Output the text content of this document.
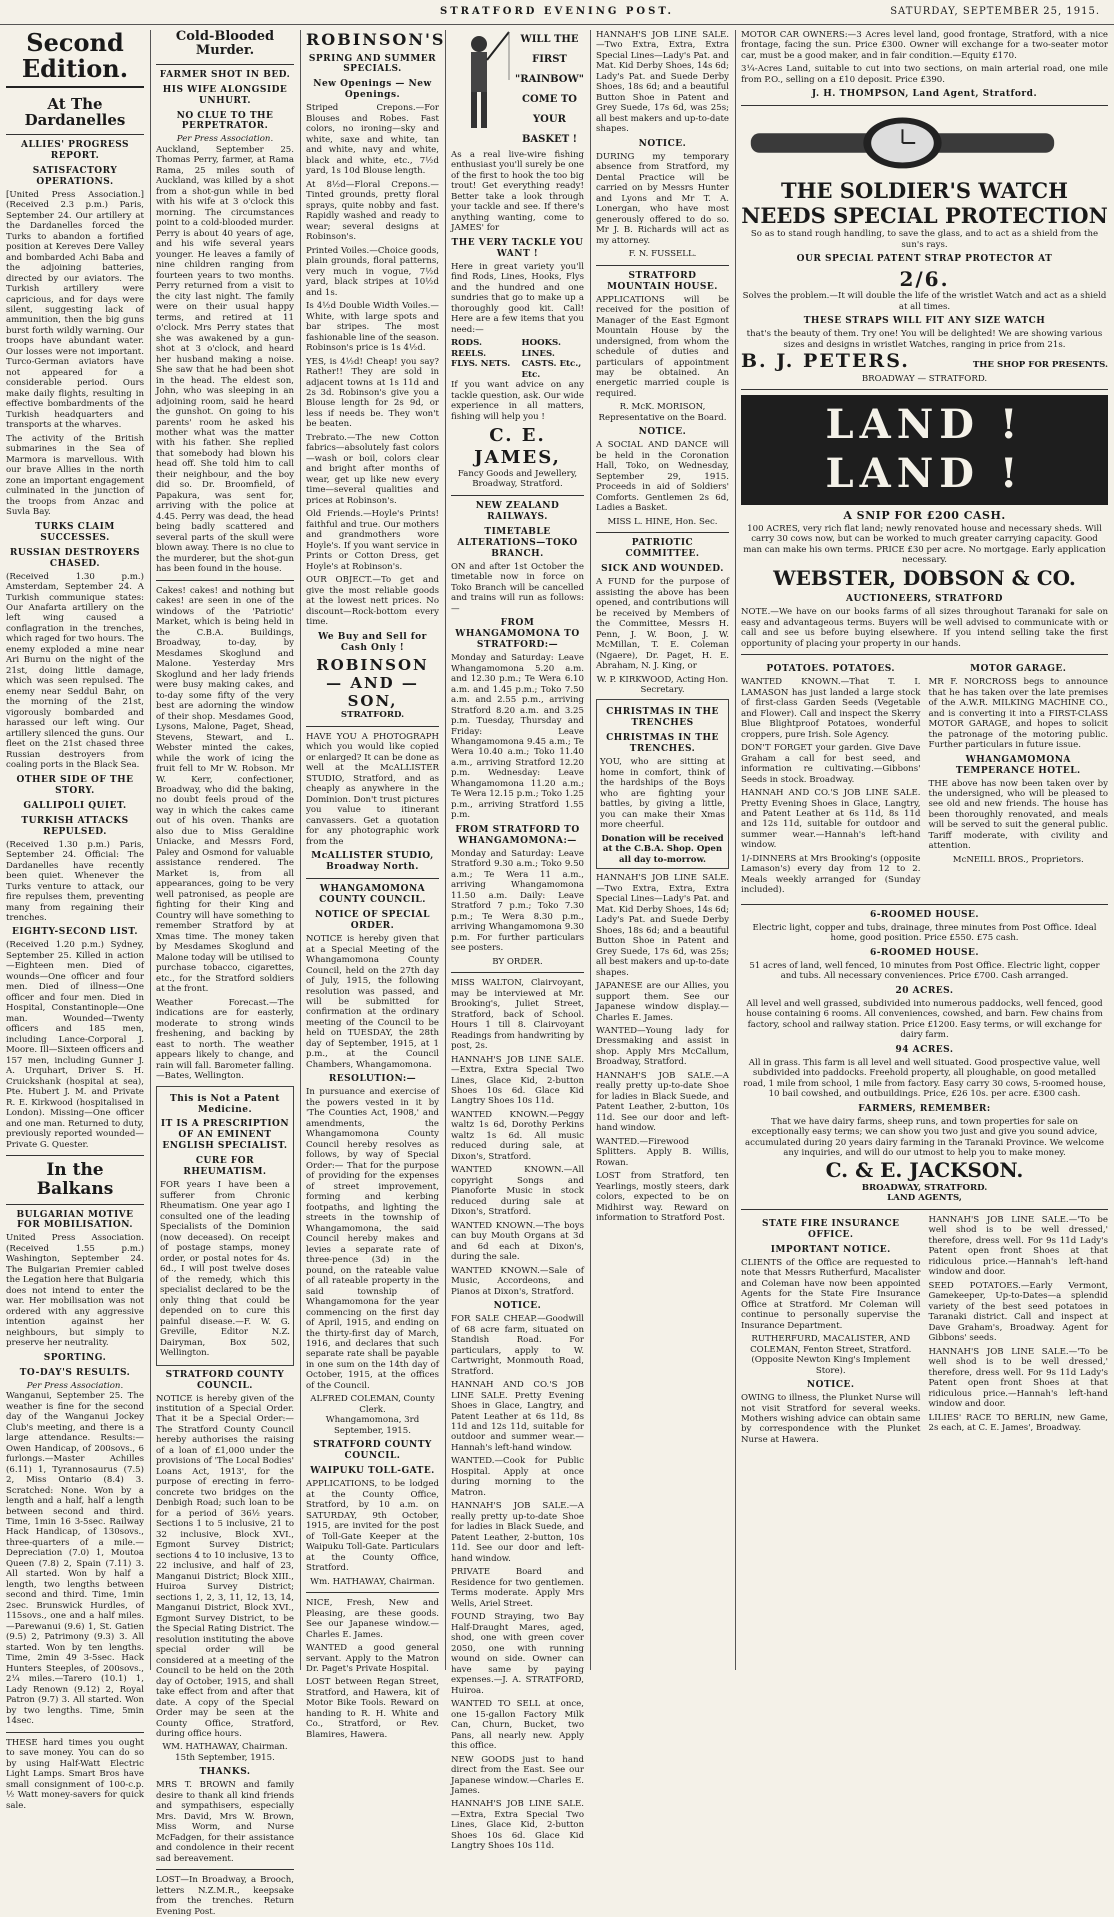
STRATFORD EVENING POST.	SATURDAY, SEPTEMBER 25, 1915.
Second Edition.
At The Dardanelles
ALLIES' PROGRESS REPORT.
SATISFACTORY OPERATIONS.
[United Press Association.] (Received 2.3 p.m.) Paris, September 24. Our artillery at the Dardanelles forced the Turks to abandon a fortified position at Kereves Dere Valley and bombarded Achi Baba and the adjoining batteries, directed by our aviators. The Turkish artillery were capricious, and for days were silent, suggesting lack of ammunition, then the big guns burst forth wildly warning. Our troops have abundant water. Our losses were not important. Turco-German aviators have not appeared for a considerable period. Ours make daily flights, resulting in effective bombardments of the Turkish headquarters and transports at the wharves.
The activity of the British submarines in the Sea of Marmora is marvellous. With our brave Allies in the north zone an important engagement culminated in the junction of the troops from Anzac and Suvla Bay.
TURKS CLAIM SUCCESSES.
RUSSIAN DESTROYERS CHASED.
(Received 1.30 p.m.) Amsterdam, September 24. A Turkish communique states: Our Anafarta artillery on the left wing caused a conflagration in the trenches, which raged for two hours. The enemy exploded a mine near Ari Burnu on the night of the 21st, doing little damage, which was seen repulsed. The enemy near Seddul Bahr, on the morning of the 21st, vigorously bombarded and harassed our left wing. Our artillery silenced the guns. Our fleet on the 21st chased three Russian destroyers from coaling ports in the Black Sea.
OTHER SIDE OF THE STORY.
GALLIPOLI QUIET.
TURKISH ATTACKS REPULSED.
(Received 1.30 p.m.) Paris, September 24. Official: The Dardanelles have recently been quiet. Whenever the Turks venture to attack, our fire repulses them, preventing many from regaining their trenches.
EIGHTY-SECOND LIST.
(Received 1.20 p.m.) Sydney, September 25. Killed in action—Eighteen men. Died of wounds—One officer and four men. Died of illness—One officer and four men. Died in Hospital, Constantinople—One man. Wounded—Twenty officers and 185 men, including Lance-Corporal J. Moore. Ill—Sixteen officers and 157 men, including Gunner J. A. Urquhart, Driver S. H. Cruickshank (hospital at sea), Pte. Hubert J. M. and Private R. E. Kirkwood (hospitalised in London). Missing—One officer and one man. Returned to duty, previously reported wounded—Private G. Quester.
In the Balkans
BULGARIAN MOTIVE FOR MOBILISATION.
United Press Association. (Received 1.55 p.m.) Washington, September 24. The Bulgarian Premier cabled the Legation here that Bulgaria does not intend to enter the war. Her mobilisation was not ordered with any aggressive intention against her neighbours, but simply to preserve her neutrality.
SPORTING.
TO-DAY'S RESULTS.
Per Press Association.
Wanganui, September 25. The weather is fine for the second day of the Wanganui Jockey Club's meeting, and there is a large attendance. Results:— Owen Handicap, of 200sovs., 6 furlongs.—Master Achilles (6.11) 1, Tyrannosaurus (7.5) 2, Miss Ontario (8.4) 3. Scratched: None. Won by a length and a half, half a length between second and third. Time, 1min 16 3-5sec. Railway Hack Handicap, of 130sovs., three-quarters of a mile.—Depreciation (7.0) 1, Moutoa Queen (7.8) 2, Spain (7.11) 3. All started. Won by half a length, two lengths between second and third. Time, 1min 2sec. Brunswick Hurdles, of 115sovs., one and a half miles.—Parewanui (9.6) 1, St. Gatien (9.5) 2, Patrimony (9.3) 3. All started. Won by ten lengths. Time, 2min 49 3-5sec. Hack Hunters Steeples, of 200sovs., 2¼ miles.—Tarero (10.1) 1, Lady Renown (9.12) 2, Royal Patron (9.7) 3. All started. Won by two lengths. Time, 5min 14sec.
THESE hard times you ought to save money. You can do so by using Half-Watt Electric Light Lamps. Smart Bros have small consignment of 100-c.p. ½ Watt money-savers for quick sale.
Cold-Blooded Murder.
FARMER SHOT IN BED.
HIS WIFE ALONGSIDE UNHURT.
NO CLUE TO THE PERPETRATOR.
Per Press Association.
Auckland, September 25. Thomas Perry, farmer, at Rama Rama, 25 miles south of Auckland, was killed by a shot from a shot-gun while in bed with his wife at 3 o'clock this morning. The circumstances point to a cold-blooded murder. Perry is about 40 years of age, and his wife several years younger. He leaves a family of nine children ranging from fourteen years to two months. Perry returned from a visit to the city last night. The family were on their usual happy terms, and retired at 11 o'clock. Mrs Perry states that she was awakened by a gun-shot at 3 o'clock, and heard her husband making a noise. She saw that he had been shot in the head. The eldest son, John, who was sleeping in an adjoining room, said he heard the gunshot. On going to his parents' room he asked his mother what was the matter with his father. She replied that somebody had blown his head off. She told him to call their neighbour, and the boy did so. Dr. Broomfield, of Papakura, was sent for, arriving with the police at 4.45. Perry was dead, the head being badly scattered and several parts of the skull were blown away. There is no clue to the murderer, but the shot-gun has been found in the house.
Cakes! cakes! and nothing but cakes! are seen in one of the windows of the 'Patriotic' Market, which is being held in the C.B.A. Buildings, Broadway, to-day, by Mesdames Skoglund and Malone. Yesterday Mrs Skoglund and her lady friends were busy making cakes, and to-day some fifty of the very best are adorning the window of their shop. Mesdames Good, Lysons, Malone, Paget, Shead, Stevens, Stewart, and L. Webster minted the cakes, while the work of icing the fruit fell to Mr W. Robson. Mr W. Kerr, confectioner, Broadway, who did the baking, no doubt feels proud of the way in which the cakes came out of his oven. Thanks are also due to Miss Geraldine Uniacke, and Messrs Ford, Paley and Osmond for valuable assistance rendered. The Market is, from all appearances, going to be very well patronised, as people are fighting for their King and Country will have something to remember Stratford by at Xmas time. The money taken by Mesdames Skoglund and Malone today will be utilised to purchase tobacco, cigarettes, etc., for the Stratford soldiers at the front.
Weather Forecast.—The indications are for easterly, moderate to strong winds freshening, and backing by east to north. The weather appears likely to change, and rain will fall. Barometer falling.—Bates, Wellington.
This is Not a Patent Medicine.
IT IS A PRESCRIPTION OF AN EMINENT ENGLISH SPECIALIST.
CURE FOR RHEUMATISM.
FOR years I have been a sufferer from Chronic Rheumatism. One year ago I consulted one of the leading Specialists of the Dominion (now deceased). On receipt of postage stamps, money order, or postal notes for 4s. 6d., I will post twelve doses of the remedy, which this specialist declared to be the only thing that could be depended on to cure this painful disease.—F. W. G. Greville, Editor N.Z. Dairyman, Box 502, Wellington.
STRATFORD COUNTY COUNCIL.
NOTICE is hereby given of the institution of a Special Order. That it be a Special Order:— The Stratford County Council hereby authorises the raising of a loan of £1,000 under the provisions of 'The Local Bodies' Loans Act, 1913', for the purpose of erecting in ferro-concrete two bridges on the Denbigh Road; such loan to be for a period of 36½ years. Sections 1 to 5 inclusive, 21 to 32 inclusive, Block XVI., Egmont Survey District; sections 4 to 10 inclusive, 13 to 22 inclusive, and half of 23, Manganui District; Block XIII., Huiroa Survey District; sections 1, 2, 3, 11, 12, 13, 14, Manganui District, Block XVI., Egmont Survey District, to be the Special Rating District. The resolution instituting the above special order will be considered at a meeting of the Council to be held on the 20th day of October, 1915, and shall take effect from and after that date. A copy of the Special Order may be seen at the County Office, Stratford, during office hours.
WM. HATHAWAY, Chairman.
15th September, 1915.
THANKS.
MRS T. BROWN and family desire to thank all kind friends and sympathisers, especially Mrs. David, Mrs W. Brown, Miss Worm, and Nurse McFadgen, for their assistance and condolence in their recent sad bereavement.
LOST—In Broadway, a Brooch, letters N.Z.M.R., keepsake from the trenches. Return Evening Post.
ROBINSON'S
SPRING AND SUMMER SPECIALS.
New Openings — New Openings.
Striped Crepons.—For Blouses and Robes. Fast colors, no ironing—sky and white, saxe and white, tan and white, navy and white, black and white, etc., 7½d yard, 1s 10d Blouse length.
At 8½d—Floral Crepons.—Tinted grounds, pretty floral sprays, quite nobby and fast. Rapidly washed and ready to wear; several designs at Robinson's.
Printed Voiles.—Choice goods, plain grounds, floral patterns, very much in vogue, 7½d yard, black stripes at 10½d and 1s.
Is 4½d Double Width Voiles.—White, with large spots and bar stripes. The most fashionable line of the season. Robinson's price is 1s 4½d.
YES, is 4½d! Cheap! you say? Rather!! They are sold in adjacent towns at 1s 11d and 2s 3d. Robinson's give you a Blouse length for 2s 9d, or less if needs be. They won't be beaten.
Trebrato.—The new Cotton fabrics—absolutely fast colors—wash or boil, colors clear and bright after months of wear, get up like new every time—several qualities and prices at Robinson's.
Old Friends.—Hoyle's Prints! faithful and true. Our mothers and grandmothers wore Hoyle's. If you want service in Prints or Cotton Dress, get Hoyle's at Robinson's.
OUR OBJECT.—To get and give the most reliable goods at the lowest nett prices. No discount—Rock-bottom every time.
We Buy and Sell for Cash Only !
ROBINSON — AND — SON,
STRATFORD.
HAVE YOU A PHOTOGRAPH which you would like copied or enlarged? It can be done as well at the McALLISTER STUDIO, Stratford, and as cheaply as anywhere in the Dominion. Don't trust pictures you value to itinerant canvassers. Get a quotation for any photographic work from the
McALLISTER STUDIO, Broadway North.
WHANGAMOMONA COUNTY COUNCIL.
NOTICE OF SPECIAL ORDER.
NOTICE is hereby given that at a Special Meeting of the Whangamomona County Council, held on the 27th day of July, 1915, the following resolution was passed, and will be submitted for confirmation at the ordinary meeting of the Council to be held on TUESDAY, the 28th day of September, 1915, at 1 p.m., at the Council Chambers, Whangamomona.
RESOLUTION:—
In pursuance and exercise of the powers vested in it by 'The Counties Act, 1908,' and amendments, the Whangamomona County Council hereby resolves as follows, by way of Special Order:— That for the purpose of providing for the expenses of street improvement, forming and kerbing footpaths, and lighting the streets in the township of Whangamomona, the said Council hereby makes and levies a separate rate of three-pence (3d) in the pound, on the rateable value of all rateable property in the said township of Whangamomona for the year commencing on the first day of April, 1915, and ending on the thirty-first day of March, 1916, and declares that such separate rate shall be payable in one sum on the 14th day of October, 1915, at the offices of the Council.
ALFRED COLEMAN, County Clerk.
Whangamomona, 3rd September, 1915.
STRATFORD COUNTY COUNCIL.
WAIPUKU TOLL-GATE.
APPLICATIONS, to be lodged at the County Office, Stratford, by 10 a.m. on SATURDAY, 9th October, 1915, are invited for the post of Toll-Gate Keeper at the Waipuku Toll-Gate. Particulars at the County Office, Stratford.
Wm. HATHAWAY, Chairman.
NICE, Fresh, New and Pleasing, are these goods. See our Japanese window.—Charles E. James.
WANTED a good general servant. Apply to the Matron Dr. Paget's Private Hospital.
LOST between Regan Street, Stratford, and Hawera, kit of Motor Bike Tools. Reward on handing to R. H. White and Co., Stratford, or Rev. Blamires, Hawera.
WILL THE FIRST "RAINBOW" COME TO YOUR BASKET !
As a real live-wire fishing enthusiast you'll surely be one of the first to hook the too big trout! Get everything ready! Better take a look through your tackle and see. If there's anything wanting, come to JAMES' for
THE VERY TACKLE YOU WANT !
Here in great variety you'll find Rods, Lines, Hooks, Flys and the hundred and one sundries that go to make up a thoroughly good kit. Call! Here are a few items that you need:—
RODS. REELS. FLYS. NETS.
HOOKS. LINES. CASTS. Etc., Etc.
If you want advice on any tackle question, ask. Our wide experience in all matters, fishing will help you !
C. E. JAMES,
Fancy Goods and Jewellery, Broadway, Stratford.
NEW ZEALAND RAILWAYS.
TIMETABLE ALTERATIONS—TOKO BRANCH.
ON and after 1st October the timetable now in force on Toko Branch will be cancelled and trains will run as follows:—
FROM WHANGAMOMONA TO STRATFORD:—
Monday and Saturday: Leave Whangamomona 5.20 a.m. and 12.30 p.m.; Te Wera 6.10 a.m. and 1.45 p.m.; Toko 7.50 a.m. and 2.55 p.m., arriving Stratford 8.20 a.m. and 3.25 p.m. Tuesday, Thursday and Friday: Leave Whangamomona 9.45 a.m.; Te Wera 10.40 a.m.; Toko 11.40 a.m., arriving Stratford 12.20 p.m. Wednesday: Leave Whangamomona 11.20 a.m.; Te Wera 12.15 p.m.; Toko 1.25 p.m., arriving Stratford 1.55 p.m.
FROM STRATFORD TO WHANGAMOMONA:—
Monday and Saturday: Leave Stratford 9.30 a.m.; Toko 9.50 a.m.; Te Wera 11 a.m., arriving Whangamomona 11.50 a.m. Daily: Leave Stratford 7 p.m.; Toko 7.30 p.m.; Te Wera 8.30 p.m., arriving Whangamomona 9.30 p.m. For further particulars see posters.
BY ORDER.
MISS WALTON, Clairvoyant, may be interviewed at Mr. Brooking's, Juliet Street, Stratford, back of School. Hours 1 till 8. Clairvoyant Readings from handwriting by post, 2s.
HANNAH'S JOB LINE SALE.—Extra, Extra Special Two Lines, Glace Kid, 2-button Shoes 10s 6d. Glace Kid Langtry Shoes 10s 11d.
WANTED KNOWN.—Peggy waltz 1s 6d, Dorothy Perkins waltz 1s 6d. All music reduced during sale, at Dixon's, Stratford.
WANTED KNOWN.—All copyright Songs and Pianoforte Music in stock reduced during sale at Dixon's, Stratford.
WANTED KNOWN.—The boys can buy Mouth Organs at 3d and 6d each at Dixon's, during the sale.
WANTED KNOWN.—Sale of Music, Accordeons, and Pianos at Dixon's, Stratford.
NOTICE.
FOR SALE CHEAP.—Goodwill of 68 acre farm, situated on Standish Road. For particulars, apply to W. Cartwright, Monmouth Road, Stratford.
HANNAH AND CO.'S JOB LINE SALE. Pretty Evening Shoes in Glace, Langtry, and Patent Leather at 6s 11d, 8s 11d and 12s 11d, suitable for outdoor and summer wear.—Hannah's left-hand window.
WANTED.—Cook for Public Hospital. Apply at once during morning to the Matron.
HANNAH'S JOB SALE.—A really pretty up-to-date Shoe for ladies in Black Suede, and Patent Leather, 2-button, 10s 11d. See our door and left-hand window.
PRIVATE Board and Residence for two gentlemen. Terms moderate. Apply Mrs Wells, Ariel Street.
FOUND Straying, two Bay Half-Draught Mares, aged, shod, one with green cover 2050, one with running wound on side. Owner can have same by paying expenses.—J. A. STRATFORD, Huiroa.
WANTED TO SELL at once, one 15-gallon Factory Milk Can, Churn, Bucket, two Pans, all nearly new. Apply this office.
NEW GOODS just to hand direct from the East. See our Japanese window.—Charles E. James.
HANNAH'S JOB LINE SALE.—Extra, Extra Special Two Lines, Glace Kid, 2-button Shoes 10s 6d. Glace Kid Langtry Shoes 10s 11d.
HANNAH'S JOB LINE SALE.—Two Extra, Extra, Extra Special Lines—Lady's Pat. and Mat. Kid Derby Shoes, 14s 6d; Lady's Pat. and Suede Derby Shoes, 18s 6d; and a beautiful Button Shoe in Patent and Grey Suede, 17s 6d, was 25s; all best makers and up-to-date shapes.
NOTICE.
DURING my temporary absence from Stratford, my Dental Practice will be carried on by Messrs Hunter and Lyons and Mr T. A. Lonergan, who have most generously offered to do so. Mr J. B. Richards will act as my attorney.
F. N. FUSSELL.
STRATFORD MOUNTAIN HOUSE.
APPLICATIONS will be received for the position of Manager of the East Egmont Mountain House by the undersigned, from whom the schedule of duties and particulars of appointment may be obtained. An energetic married couple is required.
R. McK. MORISON, Representative on the Board.
NOTICE.
A SOCIAL AND DANCE will be held in the Coronation Hall, Toko, on Wednesday, September 29, 1915. Proceeds in aid of Soldiers' Comforts. Gentlemen 2s 6d, Ladies a Basket.
MISS L. HINE, Hon. Sec.
PATRIOTIC COMMITTEE.
SICK AND WOUNDED.
A FUND for the purpose of assisting the above has been opened, and contributions will be received by Members of the Committee, Messrs H. Penn, J. W. Boon, J. W. McMillan, T. E. Coleman (Ngaere), Dr. Paget, H. E. Abraham, N. J. King, or
W. P. KIRKWOOD, Acting Hon. Secretary.
CHRISTMAS IN THE TRENCHES
CHRISTMAS IN THE TRENCHES.
YOU, who are sitting at home in comfort, think of the hardships of the Boys who are fighting your battles, by giving a little, you can make their Xmas more cheerful.
Donation will be received at the C.B.A. Shop. Open all day to-morrow.
HANNAH'S JOB LINE SALE.—Two Extra, Extra, Extra Special Lines—Lady's Pat. and Mat. Kid Derby Shoes, 14s 6d; Lady's Pat. and Suede Derby Shoes, 18s 6d; and a beautiful Button Shoe in Patent and Grey Suede, 17s 6d, was 25s; all best makers and up-to-date shapes.
JAPANESE are our Allies, you support them. See our Japanese window display.—Charles E. James.
WANTED—Young lady for Dressmaking and assist in shop. Apply Mrs McCallum, Broadway, Stratford.
HANNAH'S JOB SALE.—A really pretty up-to-date Shoe for ladies in Black Suede, and Patent Leather, 2-button, 10s 11d. See our door and left-hand window.
WANTED.—Firewood Splitters. Apply B. Willis, Rowan.
LOST from Stratford, ten Yearlings, mostly steers, dark colors, expected to be on Midhirst way. Reward on information to Stratford Post.
MOTOR CAR OWNERS:—3 Acres level land, good frontage, Stratford, with a nice frontage, facing the sun. Price £300. Owner will exchange for a two-seater motor car, must be a good maker, and in fair condition.—Equity £170.
3¼-Acres Land, suitable to cut into two sections, on main arterial road, one mile from P.O., selling on a £10 deposit. Price £390.
J. H. THOMPSON, Land Agent, Stratford.
THE SOLDIER'S WATCH NEEDS SPECIAL PROTECTION
So as to stand rough handling, to save the glass, and to act as a shield from the sun's rays.
OUR SPECIAL PATENT STRAP PROTECTOR AT
2/6.
Solves the problem.—It will double the life of the wristlet Watch and act as a shield at all times.
THESE STRAPS WILL FIT ANY SIZE WATCH
that's the beauty of them. Try one! You will be delighted! We are showing various sizes and designs in wristlet Watches, ranging in price from 21s.
B. J. PETERS.	THE SHOP FOR PRESENTS.
BROADWAY — STRATFORD.
LAND ! LAND !
A SNIP FOR £200 CASH.
100 ACRES, very rich flat land; newly renovated house and necessary sheds. Will carry 30 cows now, but can be worked to much greater carrying capacity. Good man can make his own terms. PRICE £30 per acre. No mortgage. Early application necessary.
WEBSTER, DOBSON & CO.
AUCTIONEERS, STRATFORD
NOTE.—We have on our books farms of all sizes throughout Taranaki for sale on easy and advantageous terms. Buyers will be well advised to communicate with or call and see us before buying elsewhere. If you intend selling take the first opportunity of placing your property in our hands.
POTATOES. POTATOES.
WANTED KNOWN.—That T. I. LAMASON has just landed a large stock of first-class Garden Seeds (Vegetable and Flower). Call and inspect the Skerry Blue Blightproof Potatoes, wonderful croppers, pure Irish. Sole Agency.
DON'T FORGET your garden. Give Dave Graham a call for best seed, and information re cultivating.—Gibbons' Seeds in stock. Broadway.
HANNAH AND CO.'S JOB LINE SALE. Pretty Evening Shoes in Glace, Langtry, and Patent Leather at 6s 11d, 8s 11d and 12s 11d, suitable for outdoor and summer wear.—Hannah's left-hand window.
1/-DINNERS at Mrs Brooking's (opposite Lamason's) every day from 12 to 2. Meals weekly arranged for (Sunday included).
MOTOR GARAGE.
MR F. NORCROSS begs to announce that he has taken over the late premises of the A.W.R. MILKING MACHINE CO., and is converting it into a FIRST-CLASS MOTOR GARAGE, and hopes to solicit the patronage of the motoring public. Further particulars in future issue.
WHANGAMOMONA TEMPERANCE HOTEL.
THE above has now been taken over by the undersigned, who will be pleased to see old and new friends. The house has been thoroughly renovated, and meals will be served to suit the general public. Tariff moderate, with civility and attention.
McNEILL BROS., Proprietors.
6-ROOMED HOUSE.
Electric light, copper and tubs, drainage, three minutes from Post Office. Ideal home, good position. Price £550. £75 cash.
6-ROOMED HOUSE.
51 acres of land, well fenced, 10 minutes from Post Office. Electric light, copper and tubs. All necessary conveniences. Price £700. Cash arranged.
20 ACRES.
All level and well grassed, subdivided into numerous paddocks, well fenced, good house containing 6 rooms. All conveniences, cowshed, and barn. Few chains from factory, school and railway station. Price £1200. Easy terms, or will exchange for dairy farm.
94 ACRES.
All in grass. This farm is all level and well situated. Good prospective value, well subdivided into paddocks. Freehold property, all ploughable, on good metalled road, 1 mile from school, 1 mile from factory. Easy carry 30 cows, 5-roomed house, 10 bail cowshed, and outbuildings. Price, £26 10s. per acre. £300 cash.
FARMERS, REMEMBER:
That we have dairy farms, sheep runs, and town properties for sale on exceptionally easy terms; we can show you two just and give you sound advice, accumulated during 20 years dairy farming in the Taranaki Province. We welcome any inquiries, and will do our utmost to help you to make money.
C. & E. JACKSON.
BROADWAY, STRATFORD.
LAND AGENTS,
STATE FIRE INSURANCE OFFICE.
IMPORTANT NOTICE.
CLIENTS of the Office are requested to note that Messrs Rutherfurd, Macalister and Coleman have now been appointed Agents for the State Fire Insurance Office at Stratford. Mr Coleman will continue to personally supervise the Insurance Department.
RUTHERFURD, MACALISTER, AND COLEMAN, Fenton Street, Stratford. (Opposite Newton King's Implement Store).
NOTICE.
OWING to illness, the Plunket Nurse will not visit Stratford for several weeks. Mothers wishing advice can obtain same by correspondence with the Plunket Nurse at Hawera.
HANNAH'S JOB LINE SALE.—'To be well shod is to be well dressed,' therefore, dress well. For 9s 11d Lady's Patent open front Shoes at that ridiculous price.—Hannah's left-hand window and door.
SEED POTATOES.—Early Vermont, Gamekeeper, Up-to-Dates—a splendid variety of the best seed potatoes in Taranaki district. Call and inspect at Dave Graham's, Broadway. Agent for Gibbons' seeds.
HANNAH'S JOB LINE SALE.—'To be well shod is to be well dressed,' therefore, dress well. For 9s 11d Lady's Patent open front Shoes at that ridiculous price.—Hannah's left-hand window and door.
LILIES' RACE TO BERLIN, new Game, 2s each, at C. E. James', Broadway.
